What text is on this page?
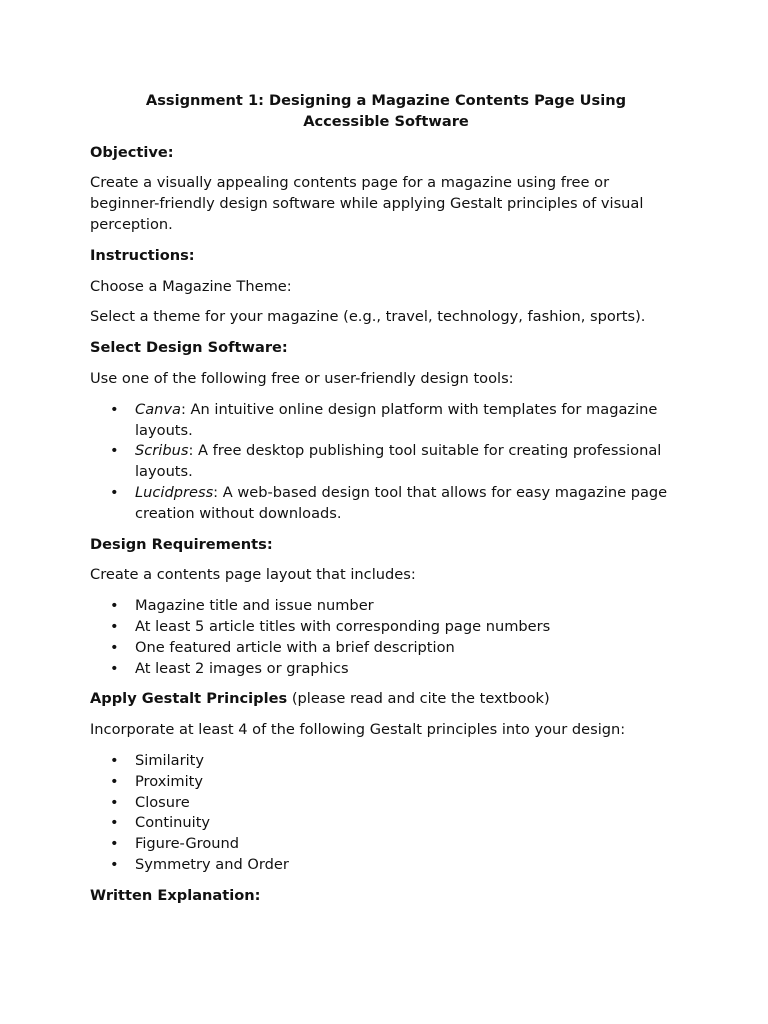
Assignment 1: Designing a Magazine Contents Page Using
Accessible Software

Objective:

Create a visually appealing contents page for a magazine using free or beginner-friendly design software while applying Gestalt principles of visual perception.

Instructions:

Choose a Magazine Theme:

Select a theme for your magazine (e.g., travel, technology, fashion, sports).

Select Design Software:

Use one of the following free or user-friendly design tools:

• Canva: An intuitive online design platform with templates for magazine layouts.
• Scribus: A free desktop publishing tool suitable for creating professional layouts.
• Lucidpress: A web-based design tool that allows for easy magazine page creation without downloads.

Design Requirements:

Create a contents page layout that includes:

• Magazine title and issue number
• At least 5 article titles with corresponding page numbers
• One featured article with a brief description
• At least 2 images or graphics

Apply Gestalt Principles (please read and cite the textbook)

Incorporate at least 4 of the following Gestalt principles into your design:

• Similarity
• Proximity
• Closure
• Continuity
• Figure-Ground
• Symmetry and Order

Written Explanation:
